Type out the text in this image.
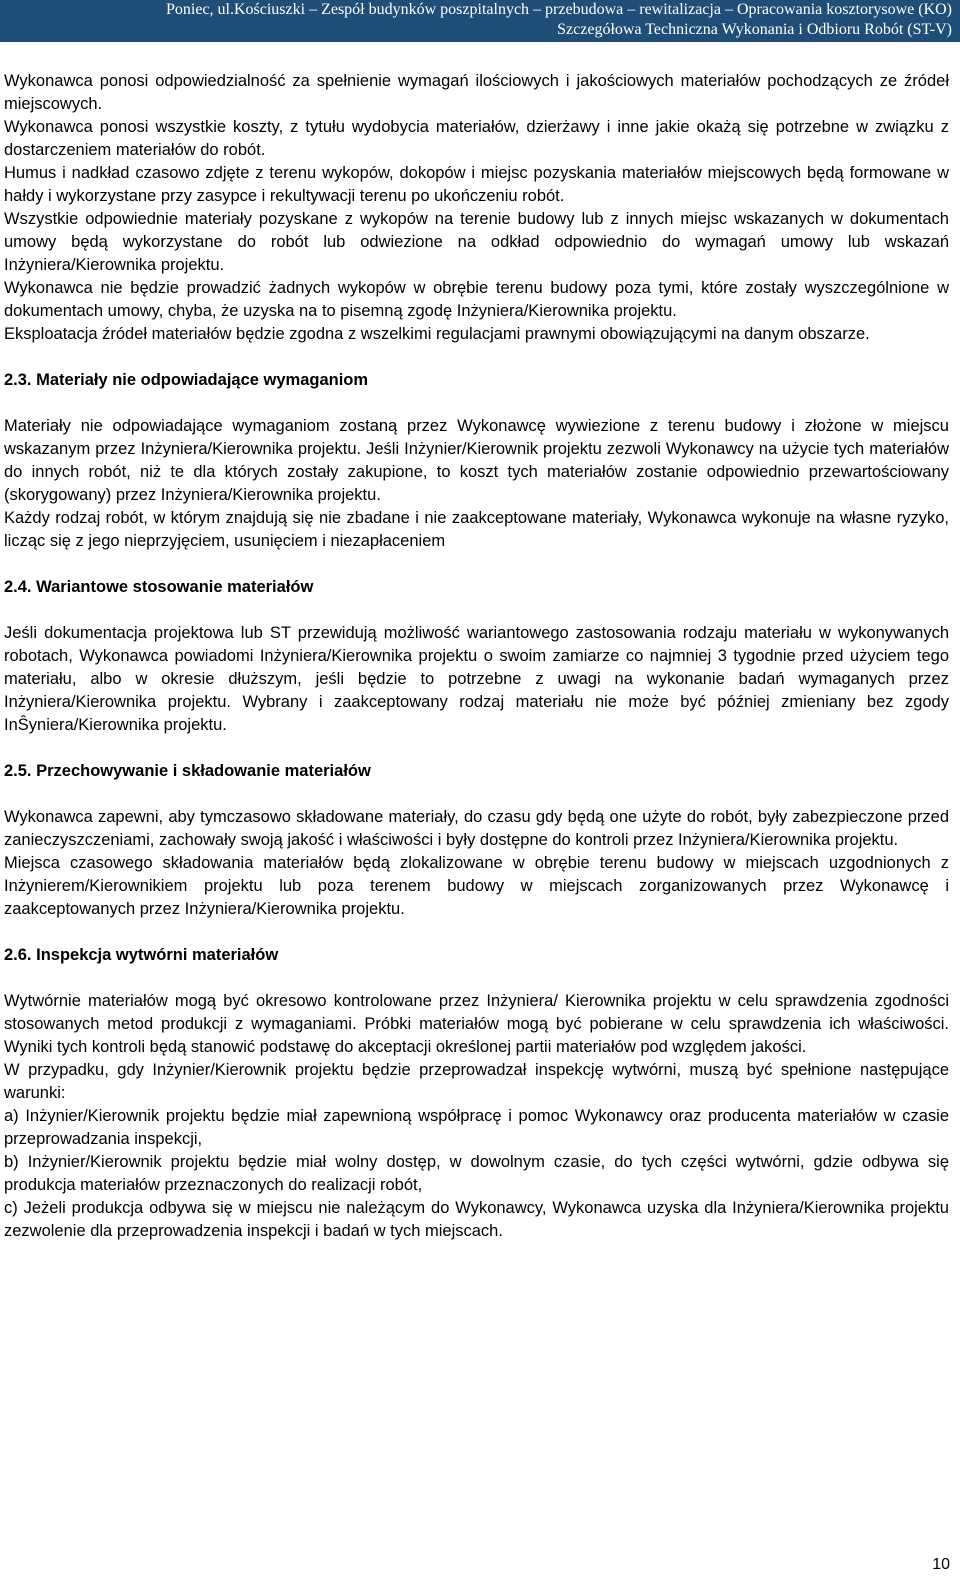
Poniec, ul.Kościuszki – Zespół budynków poszpitalnych – przebudowa – rewitalizacja – Opracowania kosztorysowe (KO)
Szczegółowa Techniczna Wykonania i Odbioru Robót (ST-V)

Wykonawca ponosi odpowiedzialność za spełnienie wymagań ilościowych i jakościowych materiałów pochodzących ze źródeł miejscowych.

Wykonawca ponosi wszystkie koszty, z tytułu wydobycia materiałów, dzierżawy i inne jakie okażą się potrzebne w związku z dostarczeniem materiałów do robót.

Humus i nadkład czasowo zdjęte z terenu wykopów, dokopów i miejsc pozyskania materiałów miejscowych będą formowane w hałdy i wykorzystane przy zasypce i rekultywacji terenu po ukończeniu robót.

Wszystkie odpowiednie materiały pozyskane z wykopów na terenie budowy lub z innych miejsc wskazanych w dokumentach umowy będą wykorzystane do robót lub odwiezione na odkład odpowiednio do wymagań umowy lub wskazań Inżyniera/Kierownika projektu.

Wykonawca nie będzie prowadzić żadnych wykopów w obrębie terenu budowy poza tymi, które zostały wyszczególnione w dokumentach umowy, chyba, że uzyska na to pisemną zgodę Inżyniera/Kierownika projektu.

Eksploatacja źródeł materiałów będzie zgodna z wszelkimi regulacjami prawnymi obowiązującymi na danym obszarze.

2.3. Materiały nie odpowiadające wymaganiom

Materiały nie odpowiadające wymaganiom zostaną przez Wykonawcę wywiezione z terenu budowy i złożone w miejscu wskazanym przez Inżyniera/Kierownika projektu. Jeśli Inżynier/Kierownik projektu zezwoli Wykonawcy na użycie tych materiałów do innych robót, niż te dla których zostały zakupione, to koszt tych materiałów zostanie odpowiednio przewartościowany (skorygowany) przez Inżyniera/Kierownika projektu.

Każdy rodzaj robót, w którym znajdują się nie zbadane i nie zaakceptowane materiały, Wykonawca wykonuje na własne ryzyko, licząc się z jego nieprzyjęciem, usunięciem i niezapłaceniem

2.4. Wariantowe stosowanie materiałów

Jeśli dokumentacja projektowa lub ST przewidują możliwość wariantowego zastosowania rodzaju materiału w wykonywanych robotach, Wykonawca powiadomi Inżyniera/Kierownika projektu o swoim zamiarze co najmniej 3 tygodnie przed użyciem tego materiału, albo w okresie dłuższym, jeśli będzie to potrzebne z uwagi na wykonanie badań wymaganych przez Inżyniera/Kierownika projektu. Wybrany i zaakceptowany rodzaj materiału nie może być później zmieniany bez zgody InŜyniera/Kierownika projektu.

2.5. Przechowywanie i składowanie materiałów

Wykonawca zapewni, aby tymczasowo składowane materiały, do czasu gdy będą one użyte do robót, były zabezpieczone przed zanieczyszczeniami, zachowały swoją jakość i właściwości i były dostępne do kontroli przez Inżyniera/Kierownika projektu.

Miejsca czasowego składowania materiałów będą zlokalizowane w obrębie terenu budowy w miejscach uzgodnionych z Inżynierem/Kierownikiem projektu lub poza terenem budowy w miejscach zorganizowanych przez Wykonawcę i zaakceptowanych przez Inżyniera/Kierownika projektu.

2.6. Inspekcja wytwórni materiałów

Wytwórnie materiałów mogą być okresowo kontrolowane przez Inżyniera/ Kierownika projektu w celu sprawdzenia zgodności stosowanych metod produkcji z wymaganiami. Próbki materiałów mogą być pobierane w celu sprawdzenia ich właściwości. Wyniki tych kontroli będą stanowić podstawę do akceptacji określonej partii materiałów pod względem jakości.

W przypadku, gdy Inżynier/Kierownik projektu będzie przeprowadzał inspekcję wytwórni, muszą być spełnione następujące warunki:

a) Inżynier/Kierownik projektu będzie miał zapewnioną współpracę i pomoc Wykonawcy oraz producenta materiałów w czasie przeprowadzania inspekcji,

b) Inżynier/Kierownik projektu będzie miał wolny dostęp, w dowolnym czasie, do tych części wytwórni, gdzie odbywa się produkcja materiałów przeznaczonych do realizacji robót,

c) Jeżeli produkcja odbywa się w miejscu nie należącym do Wykonawcy, Wykonawca uzyska dla Inżyniera/Kierownika projektu zezwolenie dla przeprowadzenia inspekcji i badań w tych miejscach.

10
